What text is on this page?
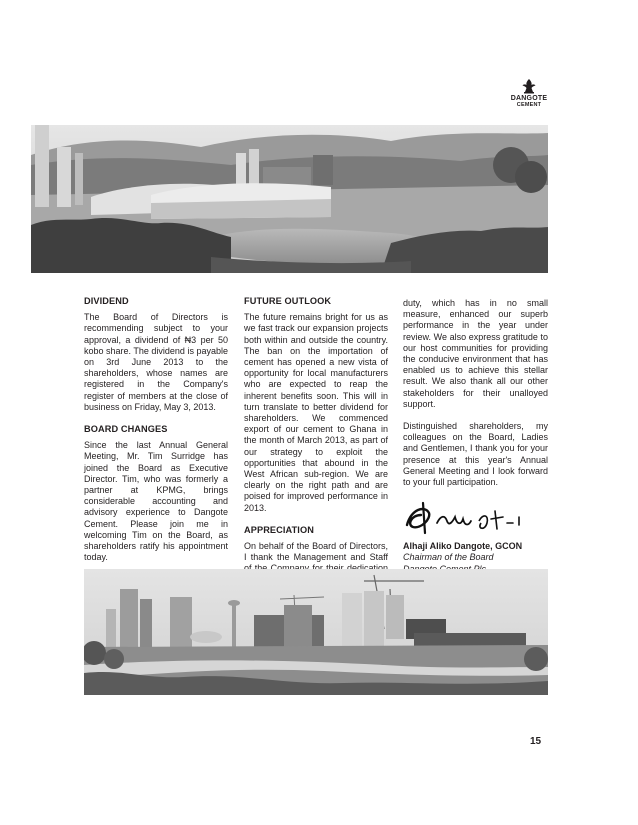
DANGOTE
CEMENT
DIVIDEND

The Board of Directors is recommending subject to your approval, a dividend of ₦3 per 50 kobo share. The dividend is payable on 3rd June 2013 to the shareholders, whose names are registered in the Company's register of members at the close of business on Friday, May 3, 2013.

BOARD CHANGES

Since the last Annual General Meeting, Mr. Tim Surridge has joined the Board as Executive Director. Tim, who was formerly a partner at KPMG, brings considerable accounting and advisory experience to Dangote Cement. Please join me in welcoming Tim on the Board, as shareholders ratify his appointment today.

FUTURE OUTLOOK

The future remains bright for us as we fast track our expansion projects both within and outside the country. The ban on the importation of cement has opened a new vista of opportunity for local manufacturers who are expected to reap the inherent benefits soon. This will in turn translate to better dividend for shareholders. We commenced export of our cement to Ghana in the month of March 2013, as part of our strategy to exploit the opportunities that abound in the West African sub-region. We are clearly on the right path and are poised for improved performance in 2013.

APPRECIATION

On behalf of the Board of Directors, I thank the Management and Staff

duty, which has in no small measure, enhanced our superb performance in the year under review. We also express gratitude to our host communities for providing the conducive environment that has enabled us to achieve this stellar result. We also thank all our other stakeholders for their unalloyed support.

Distinguished shareholders, my colleagues on the Board, Ladies and Gentlemen, I thank you for your presence at this year's Annual General Meeting and I look forward to your full participation.

Alhaji Aliko Dangote, GCON

Chairman of the Board

15
